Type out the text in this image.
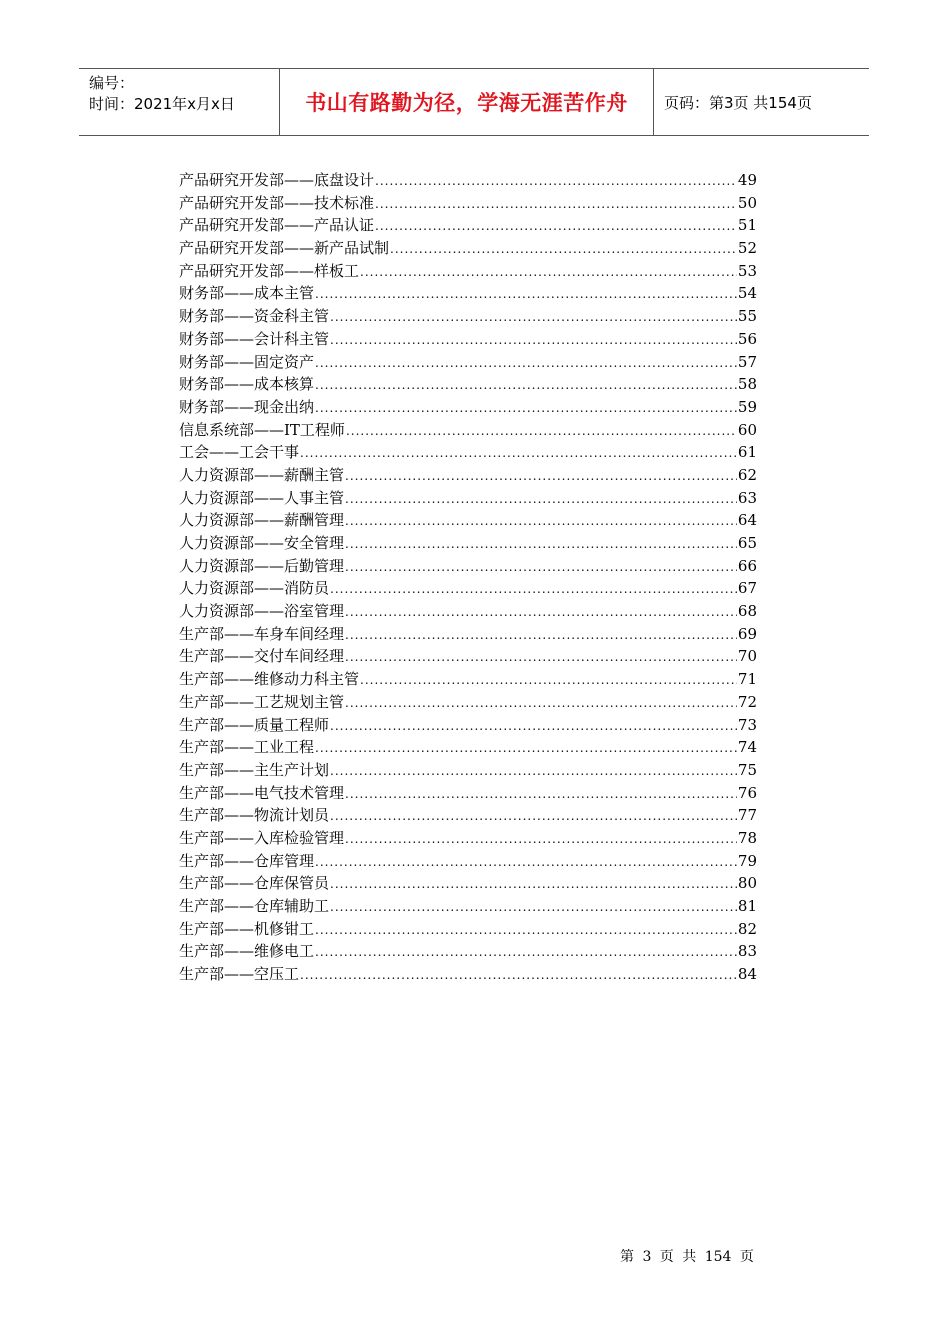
编号：
时间：2021年x月x日	书山有路勤为径，学海无涯苦作舟 页码：第3页 共154页
产品研究开发部——底盘设计 .....	49
产品研究开发部——技术标准 .....	50
产品研究开发部——产品认证 .....	51
产品研究开发部——新产品试制 .....	52
产品研究开发部——样板工 .....	53
财务部——成本主管 .....	54
财务部——资金科主管 .....	55
财务部——会计科主管 .....	56
财务部——固定资产 .....	57
财务部——成本核算 .....	58
财务部——现金出纳 .....	59
信息系统部——IT工程师 .....	60
工会——工会干事 .....	61
人力资源部——薪酬主管 .....	62
人力资源部——人事主管 .....	63
人力资源部——薪酬管理 .....	64
人力资源部——安全管理 .....	65
人力资源部——后勤管理 .....	66
人力资源部——消防员 .....	67
人力资源部——浴室管理 .....	68
生产部——车身车间经理 .....	69
生产部——交付车间经理 .....	70
生产部——维修动力科主管 .....	71
生产部——工艺规划主管 .....	72
生产部——质量工程师 .....	73
生产部——工业工程 .....	74
生产部——主生产计划 .....	75
生产部——电气技术管理 .....	76
生产部——物流计划员 .....	77
生产部——入库检验管理 .....	78
生产部——仓库管理 .....	79
生产部——仓库保管员 .....	80
生产部——仓库辅助工 .....	81
生产部——机修钳工 .....	82
生产部——维修电工 .....	83
生产部——空压工 .....	84
第 3 页 共 154 页
